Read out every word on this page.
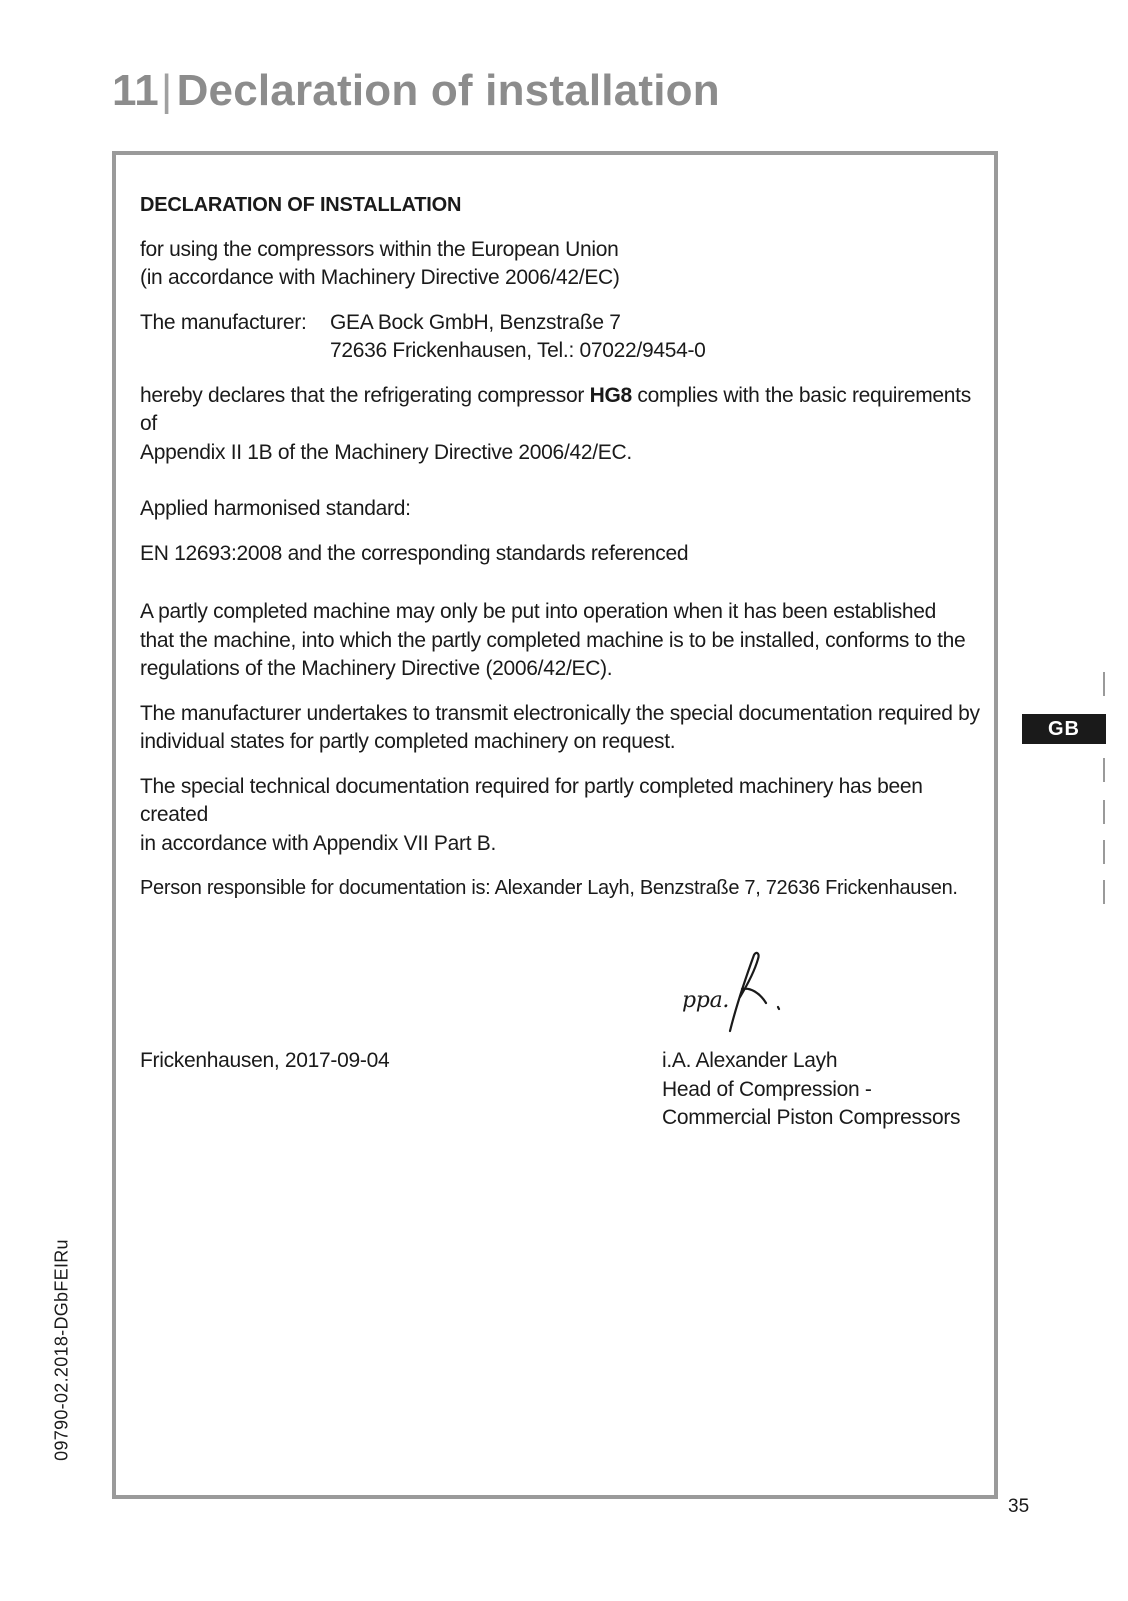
11|Declaration of installation

DECLARATION OF INSTALLATION

for using the compressors within the European Union

(in accordance with Machinery Directive 2006/42/EC)

The manufacturer:	GEA Bock GmbH, Benzstraße 7
72636 Frickenhausen, Tel.: 07022/9454-0

hereby declares that the refrigerating compressor HG8 complies with the basic requirements of

Appendix II 1B of the Machinery Directive 2006/42/EC.

Applied harmonised standard:

EN 12693:2008 and the corresponding standards referenced

A partly completed machine may only be put into operation when it has been established

that the machine, into which the partly completed machine is to be installed, conforms to the

regulations of the Machinery Directive (2006/42/EC).

The manufacturer undertakes to transmit electronically the special documentation required by

individual states for partly completed machinery on request.

The special technical documentation required for partly completed machinery has been created

in accordance with Appendix VII Part B.

Person responsible for documentation is: Alexander Layh, Benzstraße 7, 72636 Frickenhausen.

Frickenhausen, 2017-09-04
ppa.
i.A. Alexander Layh
Head of Compression -
Commercial Piston Compressors
GB
09790-02.2018-DGbFEIRu
35
